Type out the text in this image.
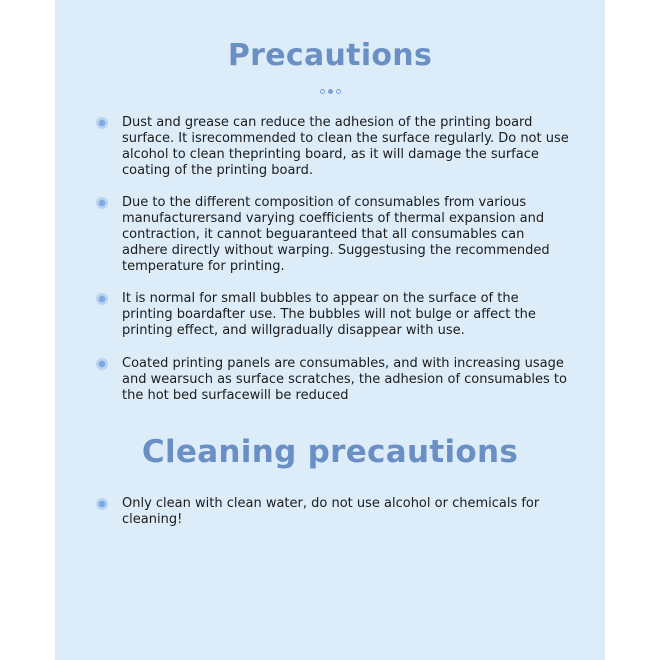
Precautions

Dust and grease can reduce the adhesion of the printing board surface. It isrecommended to clean the surface regularly. Do not use alcohol to clean theprinting board, as it will damage the surface coating of the printing board.

Due to the different composition of consumables from various manufacturersand varying coefficients of thermal expansion and contraction, it cannot beguaranteed that all consumables can adhere directly without warping. Suggestusing the recommended temperature for printing.

It is normal for small bubbles to appear on the surface of the printing boardafter use. The bubbles will not bulge or affect the printing effect, and willgradually disappear with use.

Coated printing panels are consumables, and with increasing usage and wearsuch as surface scratches, the adhesion of consumables to the hot bed surfacewill be reduced

Cleaning precautions

Only clean with clean water, do not use alcohol or chemicals for cleaning!
